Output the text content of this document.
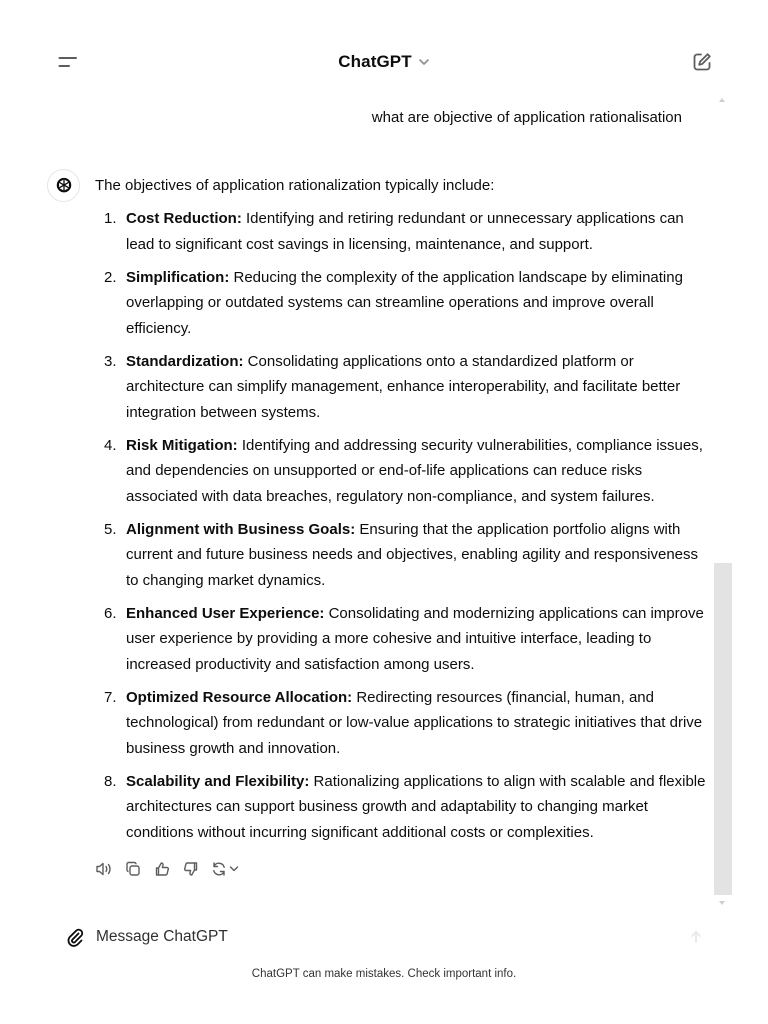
ChatGPT
what are objective of application rationalisation
The objectives of application rationalization typically include:
1. Cost Reduction: Identifying and retiring redundant or unnecessary applications can lead to significant cost savings in licensing, maintenance, and support.
2. Simplification: Reducing the complexity of the application landscape by eliminating overlapping or outdated systems can streamline operations and improve overall efficiency.
3. Standardization: Consolidating applications onto a standardized platform or architecture can simplify management, enhance interoperability, and facilitate better integration between systems.
4. Risk Mitigation: Identifying and addressing security vulnerabilities, compliance issues, and dependencies on unsupported or end-of-life applications can reduce risks associated with data breaches, regulatory non-compliance, and system failures.
5. Alignment with Business Goals: Ensuring that the application portfolio aligns with current and future business needs and objectives, enabling agility and responsiveness to changing market dynamics.
6. Enhanced User Experience: Consolidating and modernizing applications can improve user experience by providing a more cohesive and intuitive interface, leading to increased productivity and satisfaction among users.
7. Optimized Resource Allocation: Redirecting resources (financial, human, and technological) from redundant or low-value applications to strategic initiatives that drive business growth and innovation.
8. Scalability and Flexibility: Rationalizing applications to align with scalable and flexible architectures can support business growth and adaptability to changing market conditions without incurring significant additional costs or complexities.
Message ChatGPT
ChatGPT can make mistakes. Check important info.
